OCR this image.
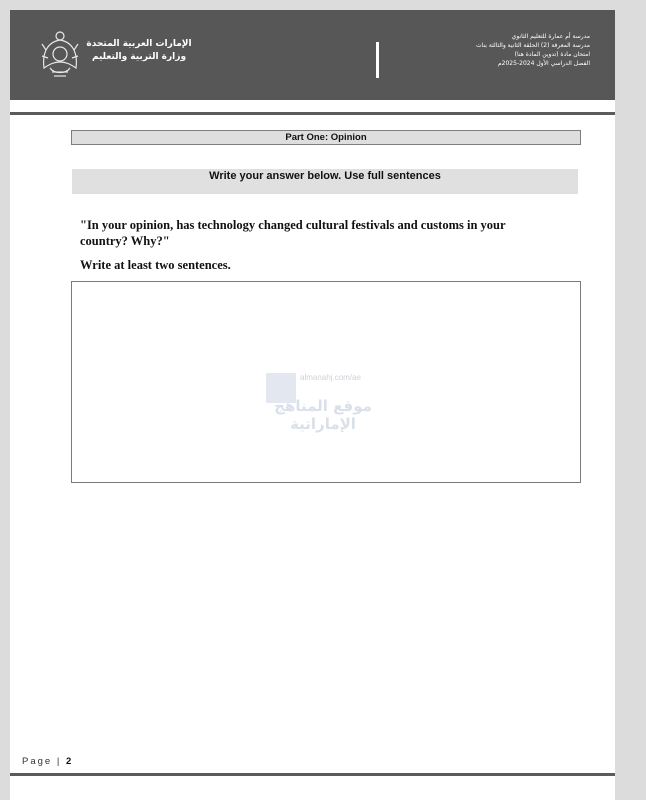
الإمارات العربية المتحدة
وزارة التربية والتعليم
مدرسة أم عمارة للتعليم الثانوي
مدرسة المعرفة (2) الحلقة الثانية والثالثة بنات
امتحان مادة (تدوين المادة هنا)
الفصل الدراسي الأول 2024-2025م
Part One: Opinion
Write your answer below. Use full sentences
"In your opinion, has technology changed cultural festivals and customs in your country? Why?"
Write at least two sentences.
almanahj.com/ae
موقع المناهج الإماراتية
Page | 2
